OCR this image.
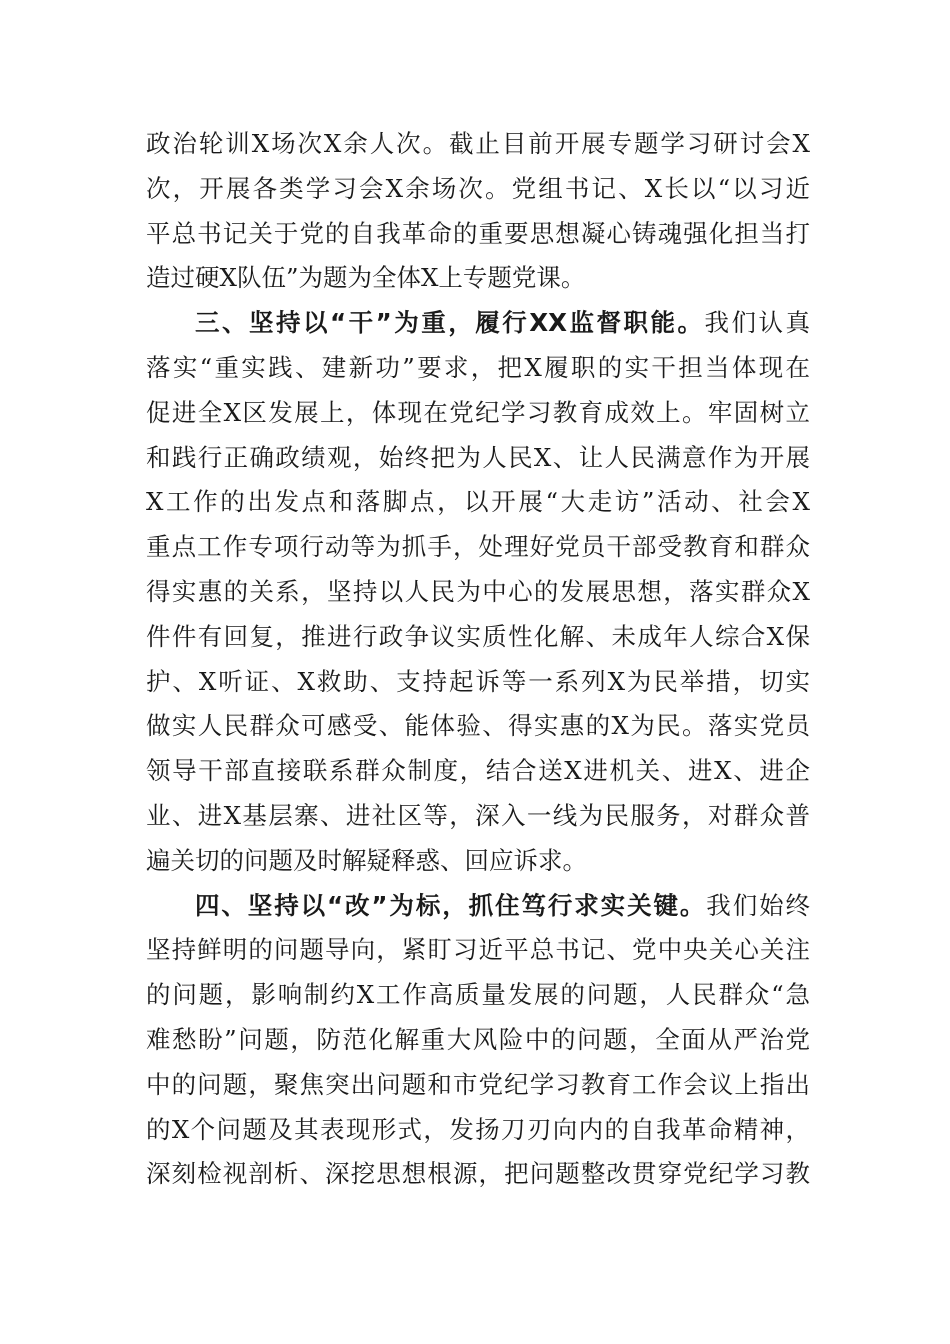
政治轮训X场次X余人次。截止目前开展专题学习研讨会X
次，开展各类学习会X余场次。党组书记、X长以“以习近
平总书记关于党的自我革命的重要思想凝心铸魂强化担当打
造过硬X队伍”为题为全体X上专题党课。
三、坚持以“干”为重，履行XX监督职能。我们认真
落实“重实践、建新功”要求，把X履职的实干担当体现在
促进全X区发展上，体现在党纪学习教育成效上。牢固树立
和践行正确政绩观，始终把为人民X、让人民满意作为开展
X工作的出发点和落脚点，以开展“大走访”活动、社会X
重点工作专项行动等为抓手，处理好党员干部受教育和群众
得实惠的关系，坚持以人民为中心的发展思想，落实群众X
件件有回复，推进行政争议实质性化解、未成年人综合X保
护、X听证、X救助、支持起诉等一系列X为民举措，切实
做实人民群众可感受、能体验、得实惠的X为民。落实党员
领导干部直接联系群众制度，结合送X进机关、进X、进企
业、进X基层寨、进社区等，深入一线为民服务，对群众普
遍关切的问题及时解疑释惑、回应诉求。
四、坚持以“改”为标，抓住笃行求实关键。我们始终
坚持鲜明的问题导向，紧盯习近平总书记、党中央关心关注
的问题，影响制约X工作高质量发展的问题，人民群众“急
难愁盼”问题，防范化解重大风险中的问题，全面从严治党
中的问题，聚焦突出问题和市党纪学习教育工作会议上指出
的X个问题及其表现形式，发扬刀刃向内的自我革命精神，
深刻检视剖析、深挖思想根源，把问题整改贯穿党纪学习教
